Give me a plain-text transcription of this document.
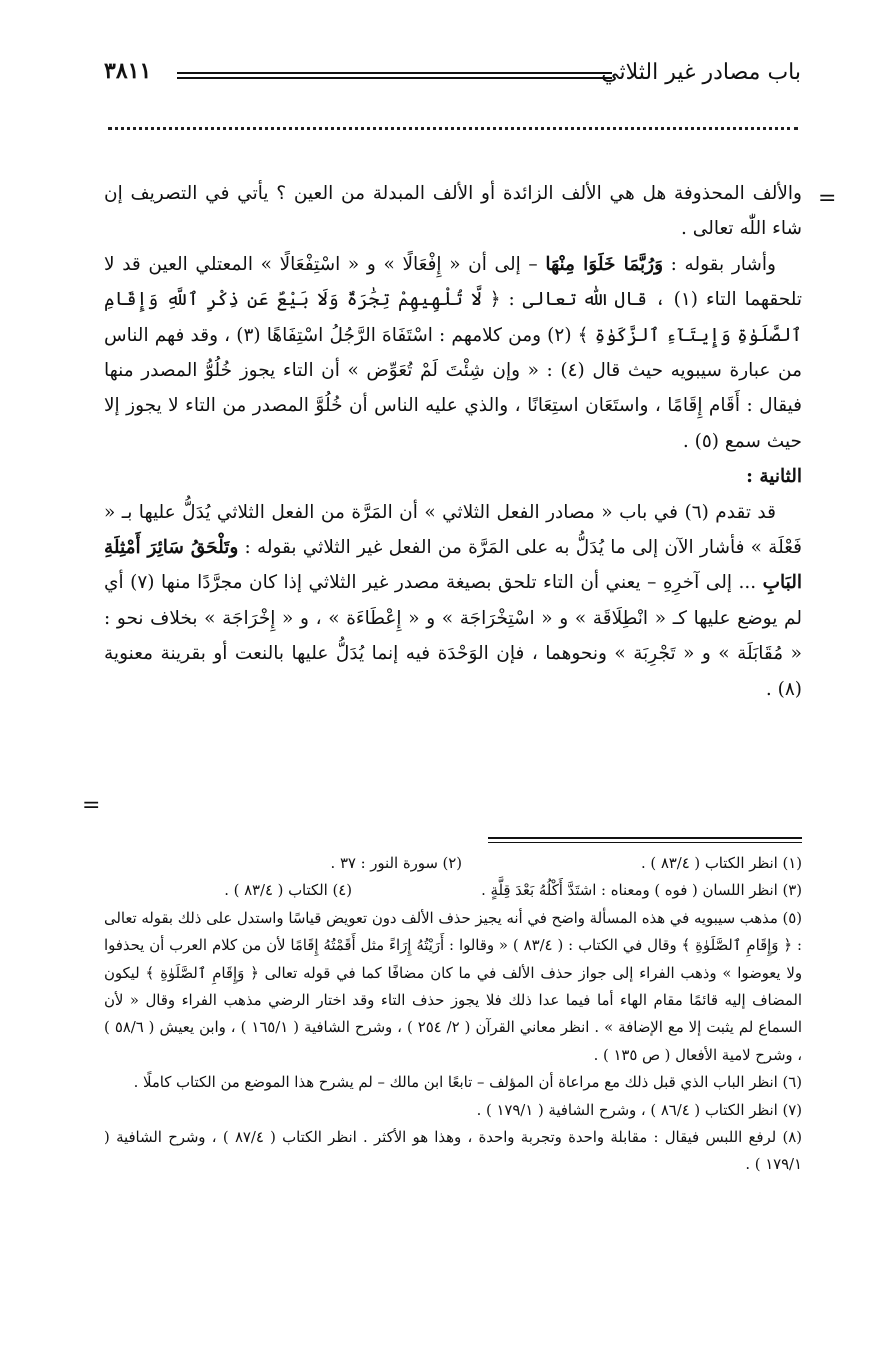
باب مصادر غير الثلاثي
٣٨١١
=
=

والألف المحذوفة هل هي الألف الزائدة أو الألف المبدلة من العين ؟ يأتي في التصريف إن شاء اللّٰه تعالى .

وأشار بقوله : وَرُبَّمَا خَلَوَا مِنْهَا – إلى أن « إِفْعَالًا » و « اسْتِفْعَالًا » المعتلي العين قد لا تلحقهما التاء (١) ، قال اللّٰه تعالى : ﴿ لَّا تُلْهِيهِمْ تِجَٰرَةٌ وَلَا بَيْعٌ عَن ذِكْرِ ٱللَّهِ وَإِقَامِ ٱلصَّلَوٰةِ وَإِيتَآءِ ٱلزَّكَوٰةِ ﴾ (٢) ومن كلامهم : اسْتَفَاهَ الرَّجُلُ اسْتِفَاهًا (٣) ، وقد فهم الناس من عبارة سيبويه حيث قال (٤) : « وإن شِئْتَ لَمْ تُعَوِّض » أن التاء يجوز خُلُوُّ المصدر منها فيقال : أَقَام إِقَامًا ، واستَعَان استِعَانًا ، والذي عليه الناس أن خُلُوَّ المصدر من التاء لا يجوز إلا حيث سمع (٥) .

الثانية :

قد تقدم (٦) في باب « مصادر الفعل الثلاثي » أن المَرَّة من الفعل الثلاثي يُدَلُّ عليها بـ « فَعْلَة » فأشار الآن إلى ما يُدَلُّ به على المَرَّة من الفعل غير الثلاثي بقوله : وتَلْحَقُ سَائِرَ أَمْثِلَةِ البَابِ ... إلى آخرِهِ – يعني أن التاء تلحق بصيغة مصدر غير الثلاثي إذا كان مجرَّدًا منها (٧) أي لم يوضع عليها كـ « انْطِلَاقَة » و « اسْتِخْرَاجَة » و « إِعْطَاءَة » ، و « إِخْرَاجَة » بخلاف نحو : « مُقَابَلَة » و « تَجْرِبَة » ونحوهما ، فإن الوَحْدَة فيه إنما يُدَلُّ عليها بالنعت أو بقرينة معنوية (٨) .

(١) انظر الكتاب ( ٨٣/٤ ) .
(٢) سورة النور : ٣٧ .
(٣) انظر اللسان ( فوه ) ومعناه : اشتَدَّ أَكْلُهُ بَعْدَ قِلَّةٍ .
(٤) الكتاب ( ٨٣/٤ ) .

(٥) مذهب سيبويه في هذه المسألة واضح في أنه يجيز حذف الألف دون تعويض قياسًا واستدل على ذلك بقوله تعالى : ﴿ وَإِقَامِ ٱلصَّلَوٰةِ ﴾ وقال في الكتاب : ( ٨٣/٤ ) « وقالوا : أَرَيْتُهُ إِرَاءً مثل أَقَمْتُهُ إِقَامًا لأن من كلام العرب أن يحذفوا ولا يعوضوا » وذهب الفراء إلى جواز حذف الألف في ما كان مضافًا كما في قوله تعالى ﴿ وَإِقَامِ ٱلصَّلَوٰةِ ﴾ ليكون المضاف إليه قائمًا مقام الهاء أما فيما عدا ذلك فلا يجوز حذف التاء وقد اختار الرضي مذهب الفراء وقال « لأن السماع لم يثبت إلا مع الإضافة » . انظر معاني القرآن ( ٢/ ٢٥٤ ) ، وشرح الشافية ( ١٦٥/١ ) ، وابن يعيش ( ٥٨/٦ ) ، وشرح لامية الأفعال ( ص ١٣٥ ) .

(٦) انظر الباب الذي قبل ذلك مع مراعاة أن المؤلف – تابعًا ابن مالك – لم يشرح هذا الموضع من الكتاب كاملًا .

(٧) انظر الكتاب ( ٨٦/٤ ) ، وشرح الشافية ( ١٧٩/١ ) .

(٨) لرفع اللبس فيقال : مقابلة واحدة وتجربة واحدة ، وهذا هو الأكثر . انظر الكتاب ( ٨٧/٤ ) ، وشرح الشافية ( ١٧٩/١ ) .
